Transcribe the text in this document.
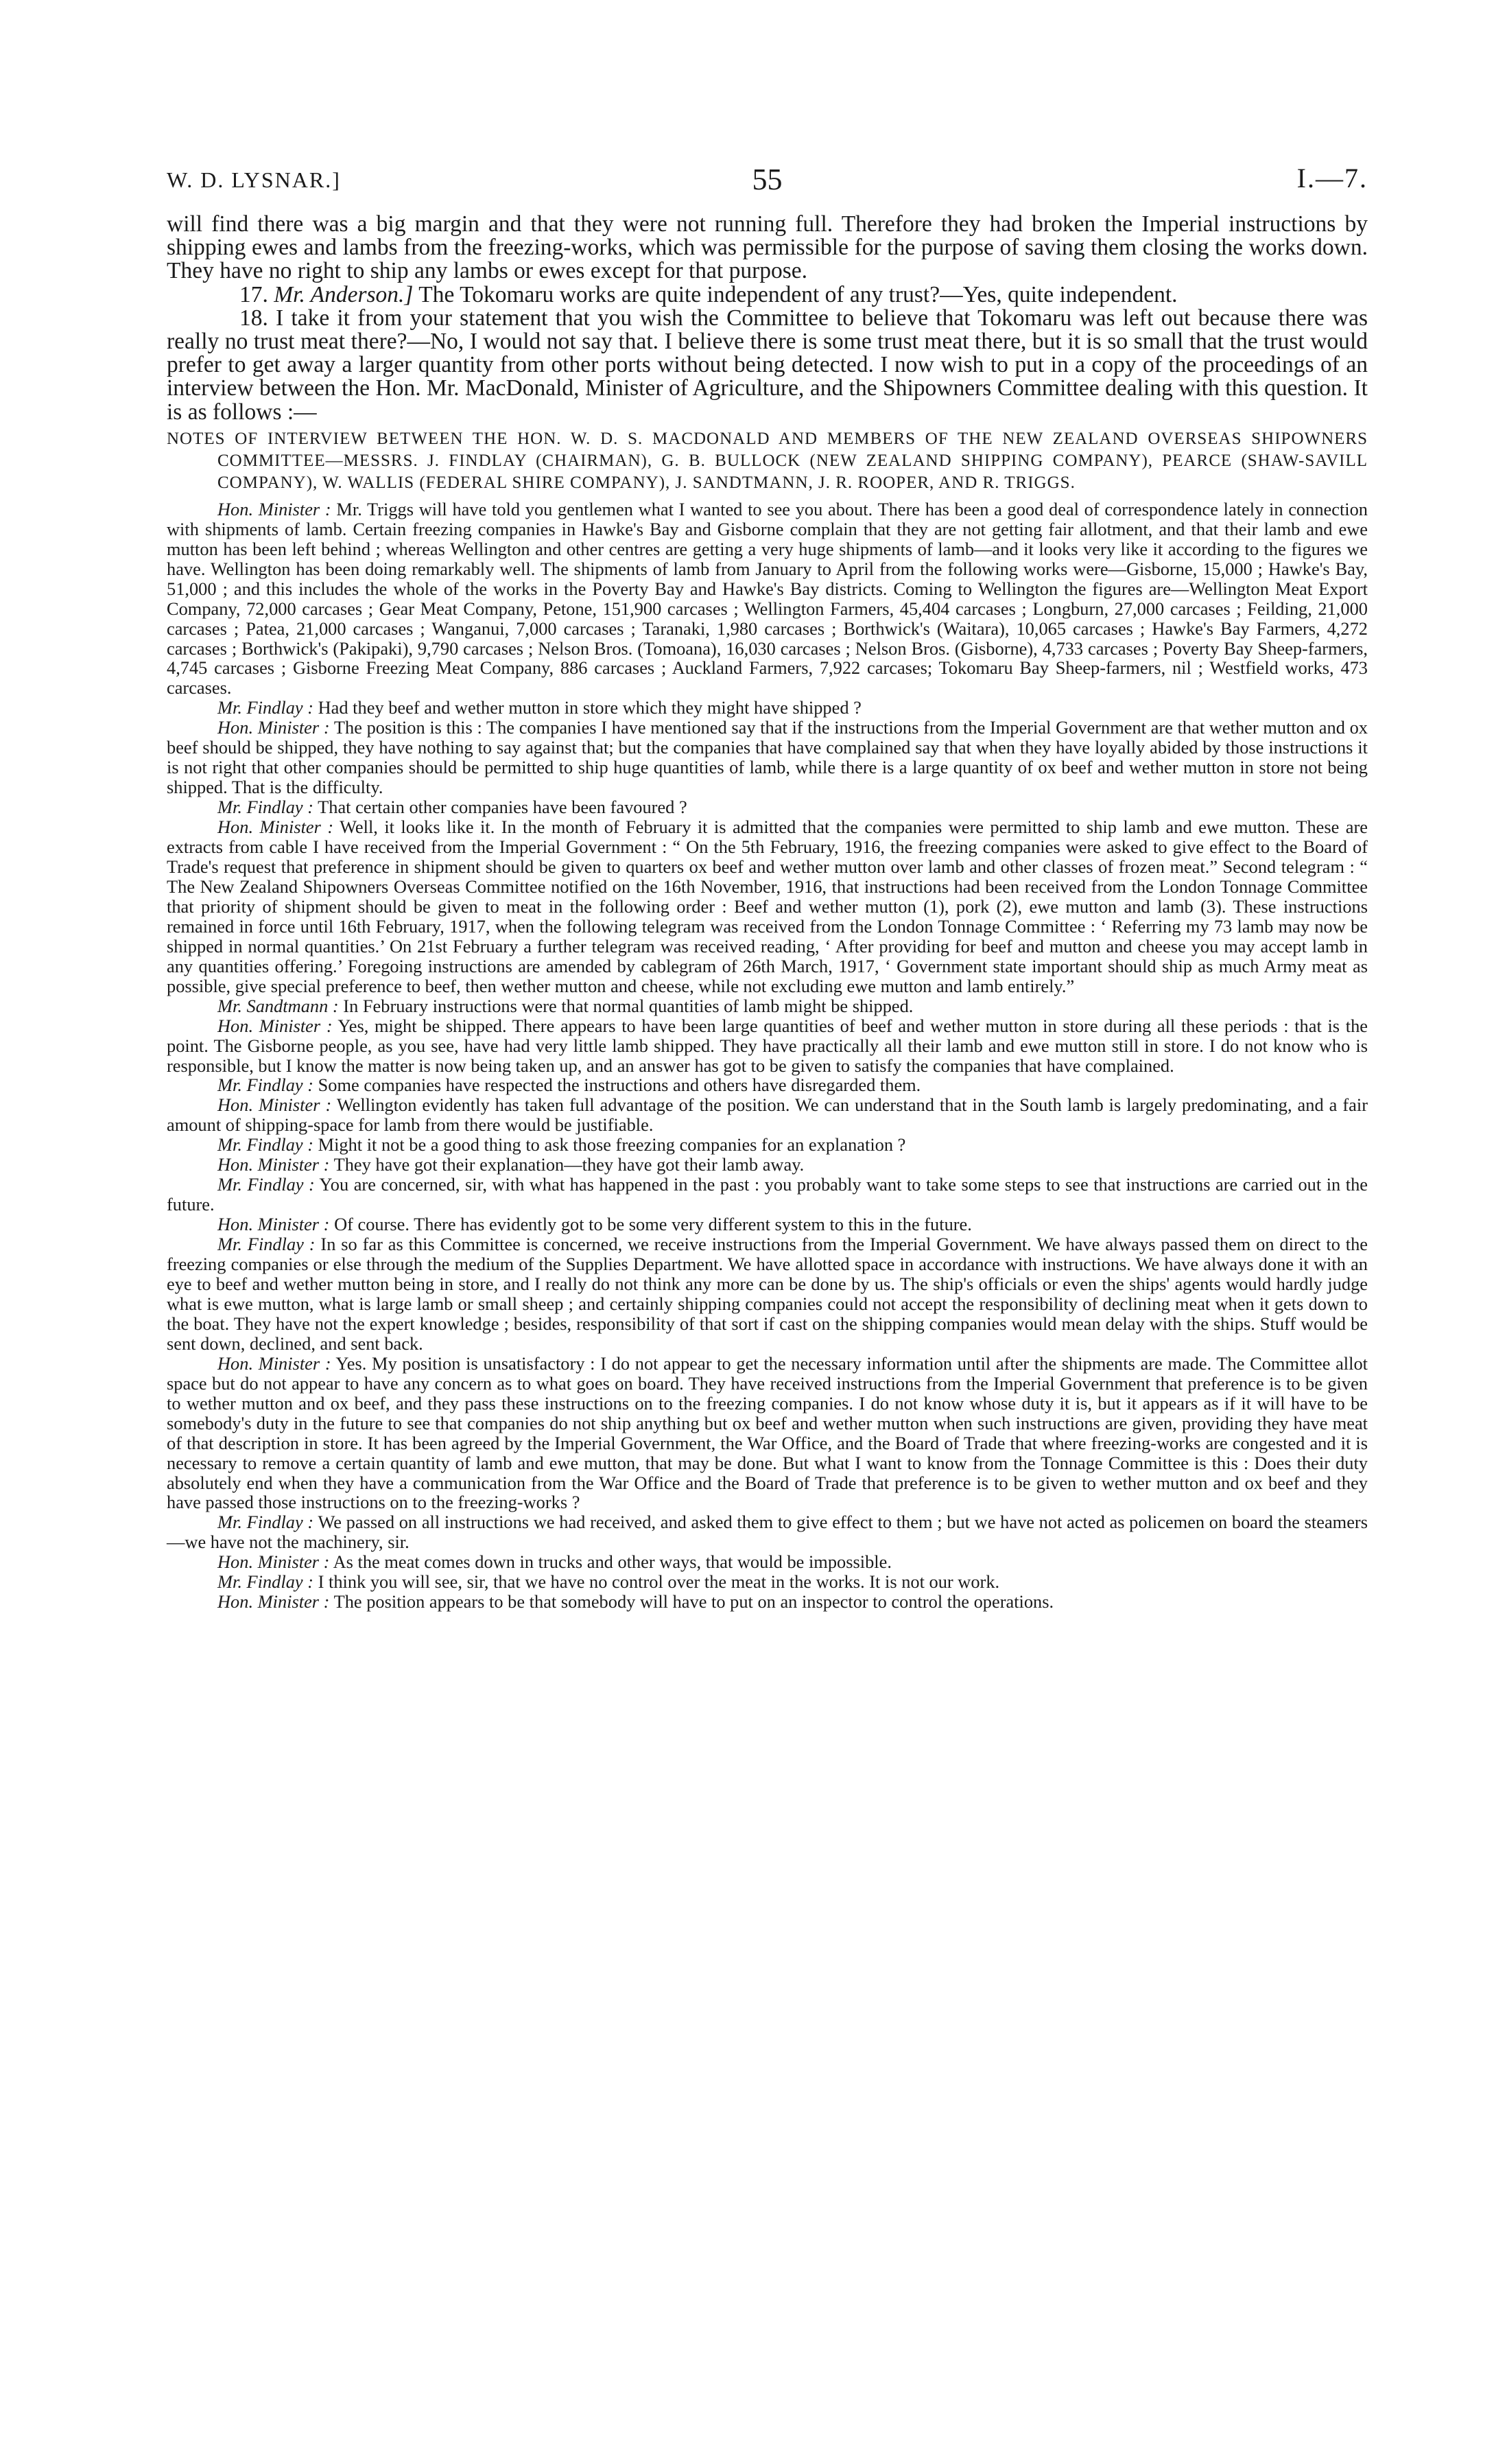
W. D. LYSNAR.]	55	I.—7.

will find there was a big margin and that they were not running full. Therefore they had broken the Imperial instructions by shipping ewes and lambs from the freezing-works, which was permissible for the purpose of saving them closing the works down. They have no right to ship any lambs or ewes except for that purpose.

17. Mr. Anderson.] The Tokomaru works are quite independent of any trust?—Yes, quite independent.

18. I take it from your statement that you wish the Committee to believe that Tokomaru was left out because there was really no trust meat there?—No, I would not say that. I believe there is some trust meat there, but it is so small that the trust would prefer to get away a larger quantity from other ports without being detected. I now wish to put in a copy of the proceedings of an interview between the Hon. Mr. MacDonald, Minister of Agriculture, and the Shipowners Committee dealing with this question. It is as follows :—

NOTES OF INTERVIEW BETWEEN THE HON. W. D. S. MACDONALD AND MEMBERS OF THE NEW ZEALAND OVERSEAS SHIPOWNERS COMMITTEE—MESSRS. J. FINDLAY (CHAIRMAN), G. B. BULLOCK (NEW ZEALAND SHIPPING COMPANY), PEARCE (SHAW-SAVILL COMPANY), W. WALLIS (FEDERAL SHIRE COMPANY), J. SANDTMANN, J. R. ROOPER, AND R. TRIGGS.

Hon. Minister : Mr. Triggs will have told you gentlemen what I wanted to see you about. There has been a good deal of correspondence lately in connection with shipments of lamb. Certain freezing companies in Hawke's Bay and Gisborne complain that they are not getting fair allotment, and that their lamb and ewe mutton has been left behind ; whereas Wellington and other centres are getting a very huge shipments of lamb—and it looks very like it according to the figures we have. Wellington has been doing remarkably well. The shipments of lamb from January to April from the following works were—Gisborne, 15,000 ; Hawke's Bay, 51,000 ; and this includes the whole of the works in the Poverty Bay and Hawke's Bay districts. Coming to Wellington the figures are—Wellington Meat Export Company, 72,000 carcases ; Gear Meat Company, Petone, 151,900 carcases ; Wellington Farmers, 45,404 carcases ; Longburn, 27,000 carcases ; Feilding, 21,000 carcases ; Patea, 21,000 carcases ; Wanganui, 7,000 carcases ; Taranaki, 1,980 carcases ; Borthwick's (Waitara), 10,065 carcases ; Hawke's Bay Farmers, 4,272 carcases ; Borthwick's (Pakipaki), 9,790 carcases ; Nelson Bros. (Tomoana), 16,030 carcases ; Nelson Bros. (Gisborne), 4,733 carcases ; Poverty Bay Sheep-farmers, 4,745 carcases ; Gisborne Freezing Meat Company, 886 carcases ; Auckland Farmers, 7,922 carcases; Tokomaru Bay Sheep-farmers, nil ; Westfield works, 473 carcases.

Mr. Findlay : Had they beef and wether mutton in store which they might have shipped ?

Hon. Minister : The position is this : The companies I have mentioned say that if the instructions from the Imperial Government are that wether mutton and ox beef should be shipped, they have nothing to say against that; but the companies that have complained say that when they have loyally abided by those instructions it is not right that other companies should be permitted to ship huge quantities of lamb, while there is a large quantity of ox beef and wether mutton in store not being shipped. That is the difficulty.

Mr. Findlay : That certain other companies have been favoured ?

Hon. Minister : Well, it looks like it. In the month of February it is admitted that the companies were permitted to ship lamb and ewe mutton. These are extracts from cable I have received from the Imperial Government : “ On the 5th February, 1916, the freezing companies were asked to give effect to the Board of Trade's request that preference in shipment should be given to quarters ox beef and wether mutton over lamb and other classes of frozen meat.” Second telegram : “ The New Zealand Shipowners Overseas Committee notified on the 16th November, 1916, that instructions had been received from the London Tonnage Committee that priority of shipment should be given to meat in the following order : Beef and wether mutton (1), pork (2), ewe mutton and lamb (3). These instructions remained in force until 16th February, 1917, when the following telegram was received from the London Tonnage Committee : ‘ Referring my 73 lamb may now be shipped in normal quantities.’ On 21st February a further telegram was received reading, ‘ After providing for beef and mutton and cheese you may accept lamb in any quantities offering.’ Foregoing instructions are amended by cablegram of 26th March, 1917, ‘ Government state important should ship as much Army meat as possible, give special preference to beef, then wether mutton and cheese, while not excluding ewe mutton and lamb entirely.”

Mr. Sandtmann : In February instructions were that normal quantities of lamb might be shipped.

Hon. Minister : Yes, might be shipped. There appears to have been large quantities of beef and wether mutton in store during all these periods : that is the point. The Gisborne people, as you see, have had very little lamb shipped. They have practically all their lamb and ewe mutton still in store. I do not know who is responsible, but I know the matter is now being taken up, and an answer has got to be given to satisfy the companies that have complained.

Mr. Findlay : Some companies have respected the instructions and others have disregarded them.

Hon. Minister : Wellington evidently has taken full advantage of the position. We can understand that in the South lamb is largely predominating, and a fair amount of shipping-space for lamb from there would be justifiable.

Mr. Findlay : Might it not be a good thing to ask those freezing companies for an explanation ?

Hon. Minister : They have got their explanation—they have got their lamb away.

Mr. Findlay : You are concerned, sir, with what has happened in the past : you probably want to take some steps to see that instructions are carried out in the future.

Hon. Minister : Of course. There has evidently got to be some very different system to this in the future.

Mr. Findlay : In so far as this Committee is concerned, we receive instructions from the Imperial Government. We have always passed them on direct to the freezing companies or else through the medium of the Supplies Department. We have allotted space in accordance with instructions. We have always done it with an eye to beef and wether mutton being in store, and I really do not think any more can be done by us. The ship's officials or even the ships' agents would hardly judge what is ewe mutton, what is large lamb or small sheep ; and certainly shipping companies could not accept the responsibility of declining meat when it gets down to the boat. They have not the expert knowledge ; besides, responsibility of that sort if cast on the shipping companies would mean delay with the ships. Stuff would be sent down, declined, and sent back.

Hon. Minister : Yes. My position is unsatisfactory : I do not appear to get the necessary information until after the shipments are made. The Committee allot space but do not appear to have any concern as to what goes on board. They have received instructions from the Imperial Government that preference is to be given to wether mutton and ox beef, and they pass these instructions on to the freezing companies. I do not know whose duty it is, but it appears as if it will have to be somebody's duty in the future to see that companies do not ship anything but ox beef and wether mutton when such instructions are given, providing they have meat of that description in store. It has been agreed by the Imperial Government, the War Office, and the Board of Trade that where freezing-works are congested and it is necessary to remove a certain quantity of lamb and ewe mutton, that may be done. But what I want to know from the Tonnage Committee is this : Does their duty absolutely end when they have a communication from the War Office and the Board of Trade that preference is to be given to wether mutton and ox beef and they have passed those instructions on to the freezing-works ?

Mr. Findlay : We passed on all instructions we had received, and asked them to give effect to them ; but we have not acted as policemen on board the steamers—we have not the machinery, sir.

Hon. Minister : As the meat comes down in trucks and other ways, that would be impossible.

Mr. Findlay : I think you will see, sir, that we have no control over the meat in the works. It is not our work.

Hon. Minister : The position appears to be that somebody will have to put on an inspector to control the operations.
